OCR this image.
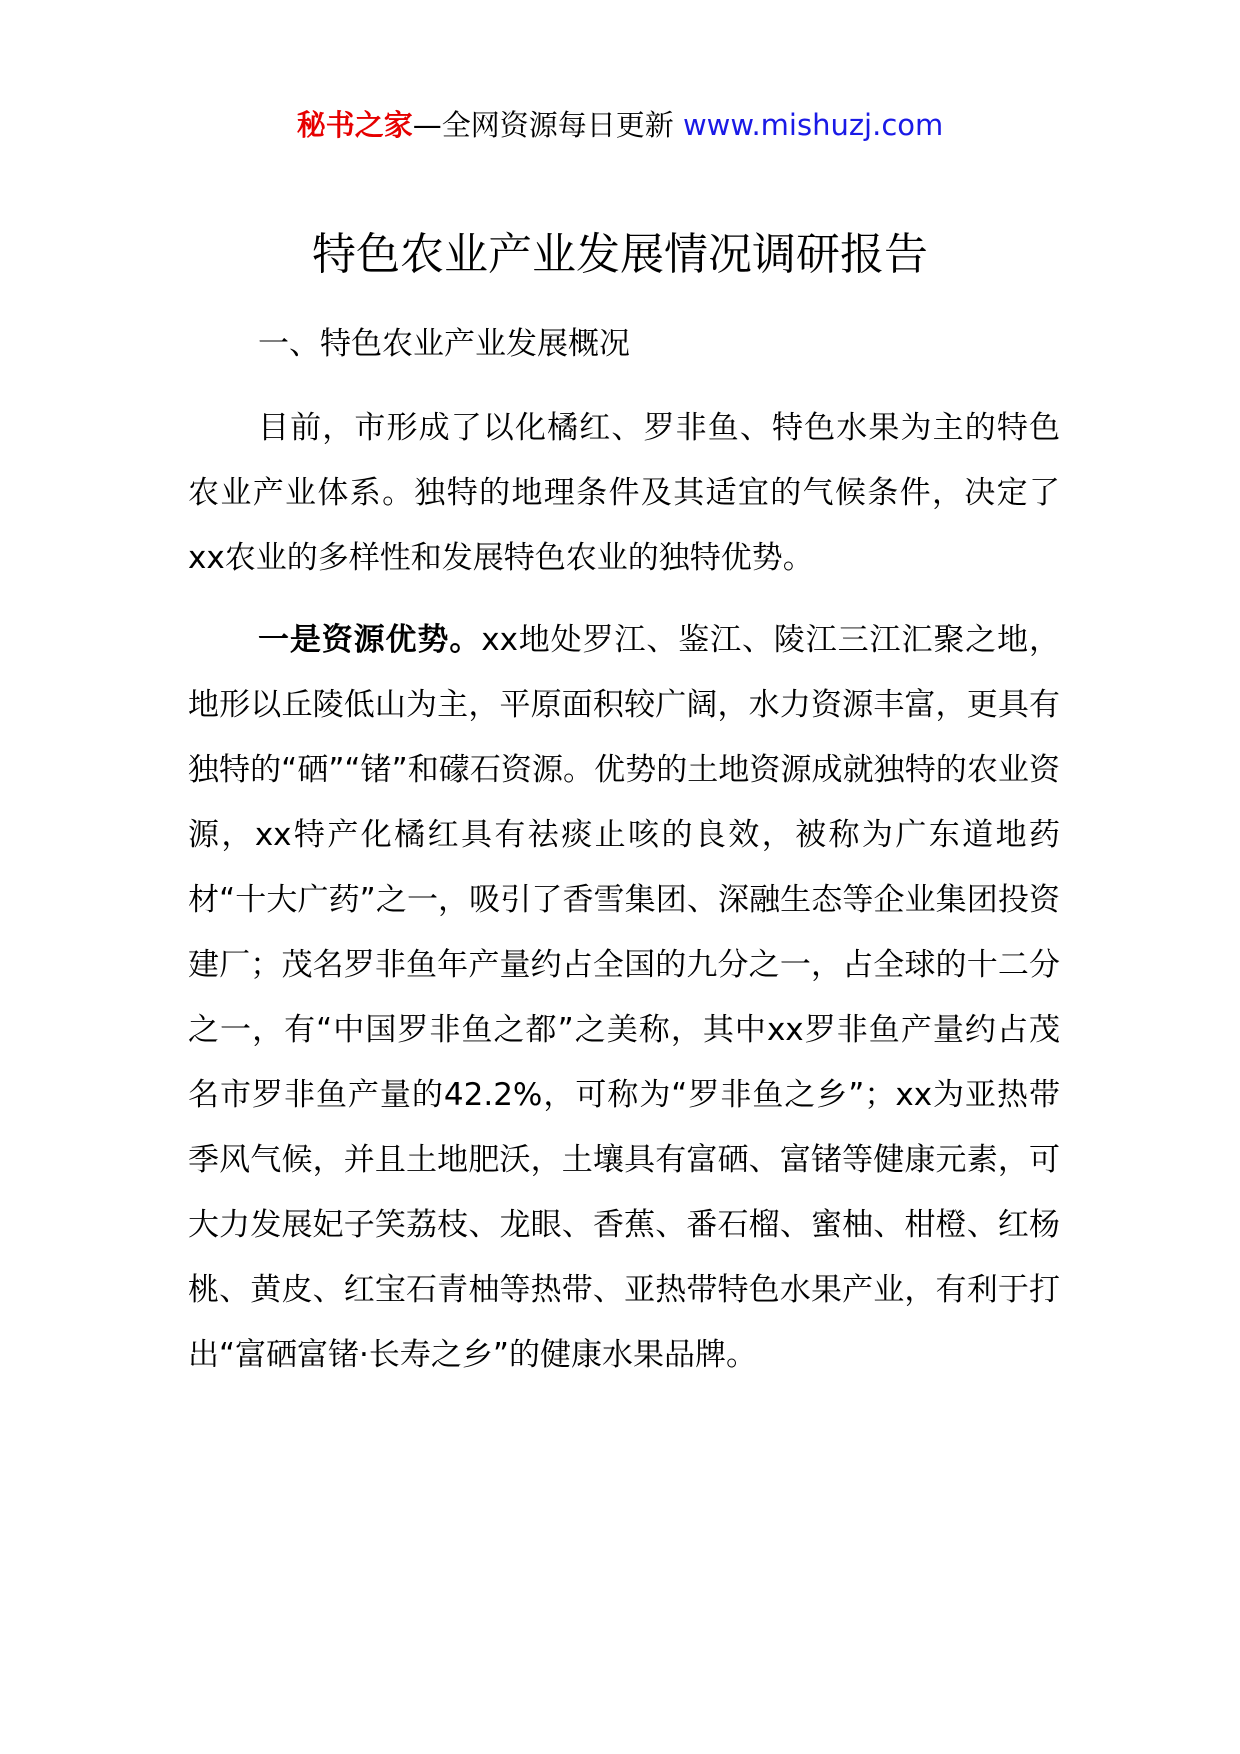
秘书之家—全网资源每日更新 www.mishuzj.com
特色农业产业发展情况调研报告
一、特色农业产业发展概况

目前，市形成了以化橘红、罗非鱼、特色水果为主的特色农业产业体系。独特的地理条件及其适宜的气候条件，决定了xx农业的多样性和发展特色农业的独特优势。

一是资源优势。xx地处罗江、鉴江、陵江三江汇聚之地，地形以丘陵低山为主，平原面积较广阔，水力资源丰富，更具有独特的“硒”“锗”和礞石资源。优势的土地资源成就独特的农业资源，xx特产化橘红具有祛痰止咳的良效，被称为广东道地药材“十大广药”之一，吸引了香雪集团、深融生态等企业集团投资建厂；茂名罗非鱼年产量约占全国的九分之一，占全球的十二分之一，有“中国罗非鱼之都”之美称，其中xx罗非鱼产量约占茂名市罗非鱼产量的42.2%，可称为“罗非鱼之乡”；xx为亚热带季风气候，并且土地肥沃，土壤具有富硒、富锗等健康元素，可大力发展妃子笑荔枝、龙眼、香蕉、番石榴、蜜柚、柑橙、红杨桃、黄皮、红宝石青柚等热带、亚热带特色水果产业，有利于打出“富硒富锗·长寿之乡”的健康水果品牌。
